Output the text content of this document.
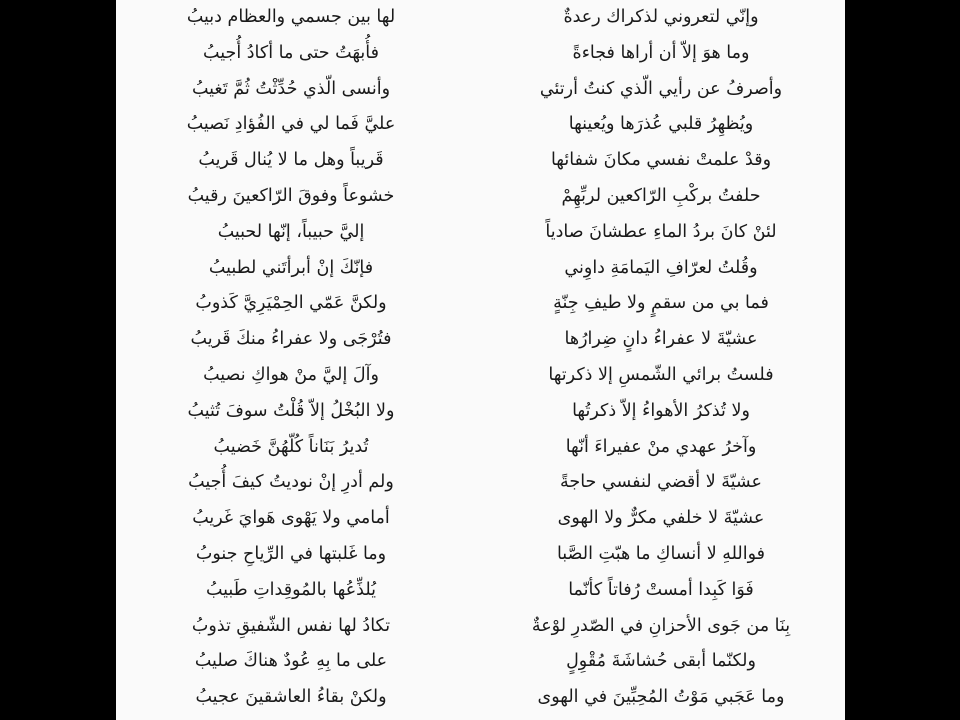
وإنّي لتعروني لذكراك رعدةٌ
وما هوَ إلاّ أن أراها فجاءةً
وأصرفُ عن رأيي الّذي كنتُ أرتئي
ويُظهِرُ قلبي عُذرَها ويُعينها
وقدْ علمتْ نفسي مكانَ شفائها
حلفتُ بركْبِ الرّاكعين لربِّهِمْ
لئنْ كانَ بردُ الماءِ عطشانَ صادياً
وقُلتُ لعرّافِ اليَمامَةِ داوِني
فما بي من سقمٍ ولا طيفِ جِنّةٍ
عشيّةَ لا عفراءُ دانٍ ضِرارُها
فلستُ برائي الشّمسِ إلا ذكرتها
ولا تُذكرُ الأهواءُ إلاّ ذكرتُها
وآخرُ عهدي منْ عفيراءَ أنّها
عشيّةَ لا أقضي لنفسي حاجةً
عشيّةَ لا خلفي مكرٌّ ولا الهوى
فواللهِ لا أنساكِ ما هبّتِ الصَّبا
فَوَا كَبِدا أمستْ رُفاتاً كأنّما
بِنَا من جَوى الأحزانِ في الصّدرِ لوْعةٌ
ولكنّما أبقى حُشاشَةَ مُقْوِلٍ
وما عَجَبي مَوْتُ المُحِبِّينَ في الهوى
لها بين جسمي والعظام دبيبُ
فأُبهَتُ حتى ما أكادُ أُجيبُ
وأنسى الّذي حُدِّثْتُ ثُمَّ تَغيبُ
عليَّ فَما لي في الفُؤادِ نَصيبُ
قَريباً وهل ما لا يُنال قَريبُ
خشوعاً وفوقَ الرّاكعينَ رقيبُ
إليَّ حبيباً، إنّها لحبيبُ
فإنّكَ إنْ أبرأتَني لطبيبُ
ولكنَّ عَمّي الحِمْيَرِيَّ كَذوبُ
فتُرْجَى ولا عفراءُ منكَ قَريبُ
وآلَ إليَّ منْ هواكِ نصيبُ
ولا البُخْلُ إلاّ قُلْتُ سوفَ تُثيبُ
تُديرُ بَنَاناً كُلّهُنَّ خَضيبُ
ولم أدرِ إنْ نوديتُ كيفَ أُجيبُ
أمامي ولا يَهْوى هَوايَ غَريبُ
وما غَلبتها في الرِّياحِ جنوبُ
يُلذِّعُها بالمُوقِداتِ طَبيبُ
تكادُ لها نفس الشّفيقِ تذوبُ
على ما بِهِ عُودٌ هناكَ صليبُ
ولكنْ بقاءُ العاشقينَ عجيبُ
